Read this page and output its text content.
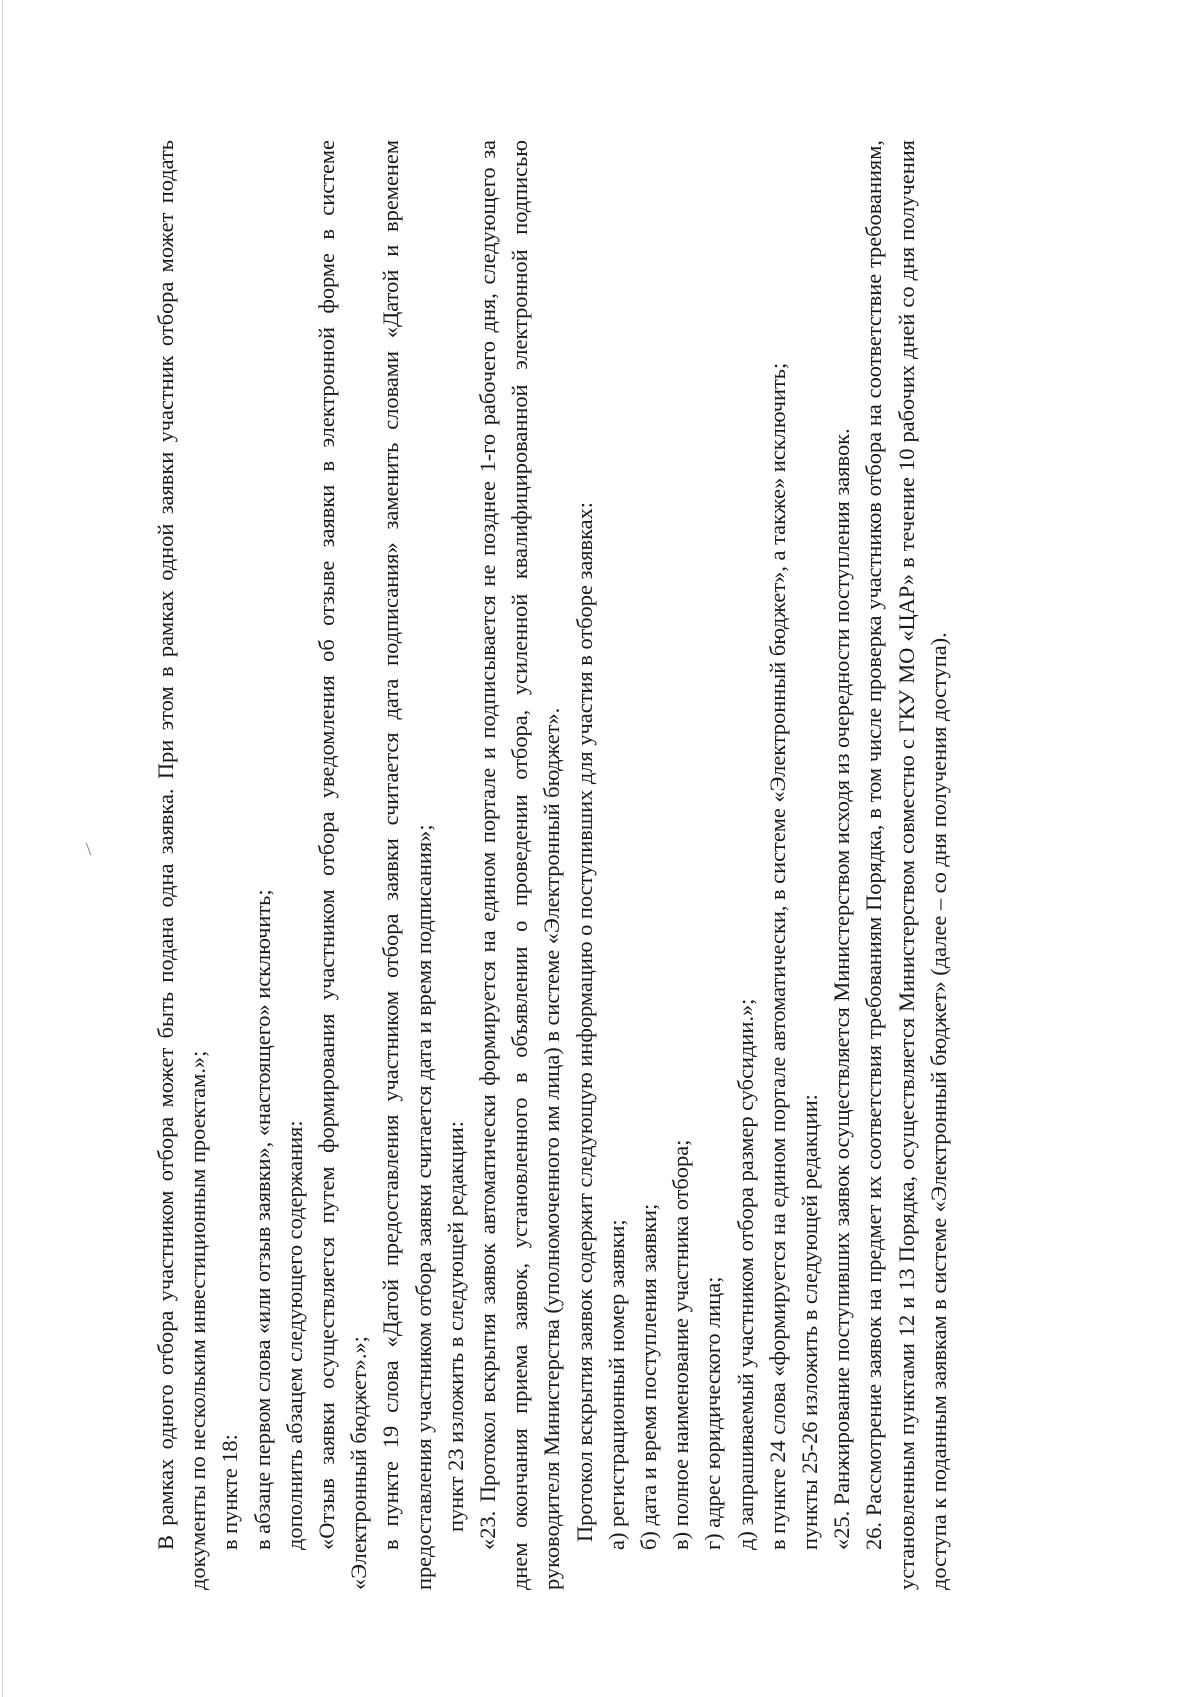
В рамках одного отбора участником отбора может быть подана одна заявка. При этом в рамках одной заявки участник отбора может подать документы по нескольким инвестиционным проектам.»; в пункте 18: в абзаце первом слова «или отзыв заявки», «настоящего» исключить; дополнить абзацем следующего содержания: «Отзыв заявки осуществляется путем формирования участником отбора уведомления об отзыве заявки в электронной форме в системе «Электронный бюджет».»; в пункте 19 слова «Датой предоставления участником отбора заявки считается дата подписания» заменить словами «Датой и временем предоставления участником отбора заявки считается дата и время подписания»; пункт 23 изложить в следующей редакции: «23. Протокол вскрытия заявок автоматически формируется на едином портале и подписывается не позднее 1-го рабочего дня, следующего за днем окончания приема заявок, установленного в объявлении о проведении отбора, усиленной квалифицированной электронной подписью руководителя Министерства (уполномоченного им лица) в системе «Электронный бюджет». Протокол вскрытия заявок содержит следующую информацию о поступивших для участия в отборе заявках: а) регистрационный номер заявки; б) дата и время поступления заявки; в) полное наименование участника отбора; г) адрес юридического лица; д) запрашиваемый участником отбора размер субсидии.»; в пункте 24 слова «формируется на едином портале автоматически, в системе «Электронный бюджет», а также» исключить; пункты 25-26 изложить в следующей редакции: «25. Ранжирование поступивших заявок осуществляется Министерством исходя из очередности поступления заявок. 26. Рассмотрение заявок на предмет их соответствия требованиям Порядка, в том числе проверка участников отбора на соответствие требованиям, установленным пунктами 12 и 13 Порядка, осуществляется Министерством совместно с ГКУ МО «ЦАР» в течение 10 рабочих дней со дня получения доступа к поданным заявкам в системе «Электронный бюджет» (далее – со дня получения доступа).
